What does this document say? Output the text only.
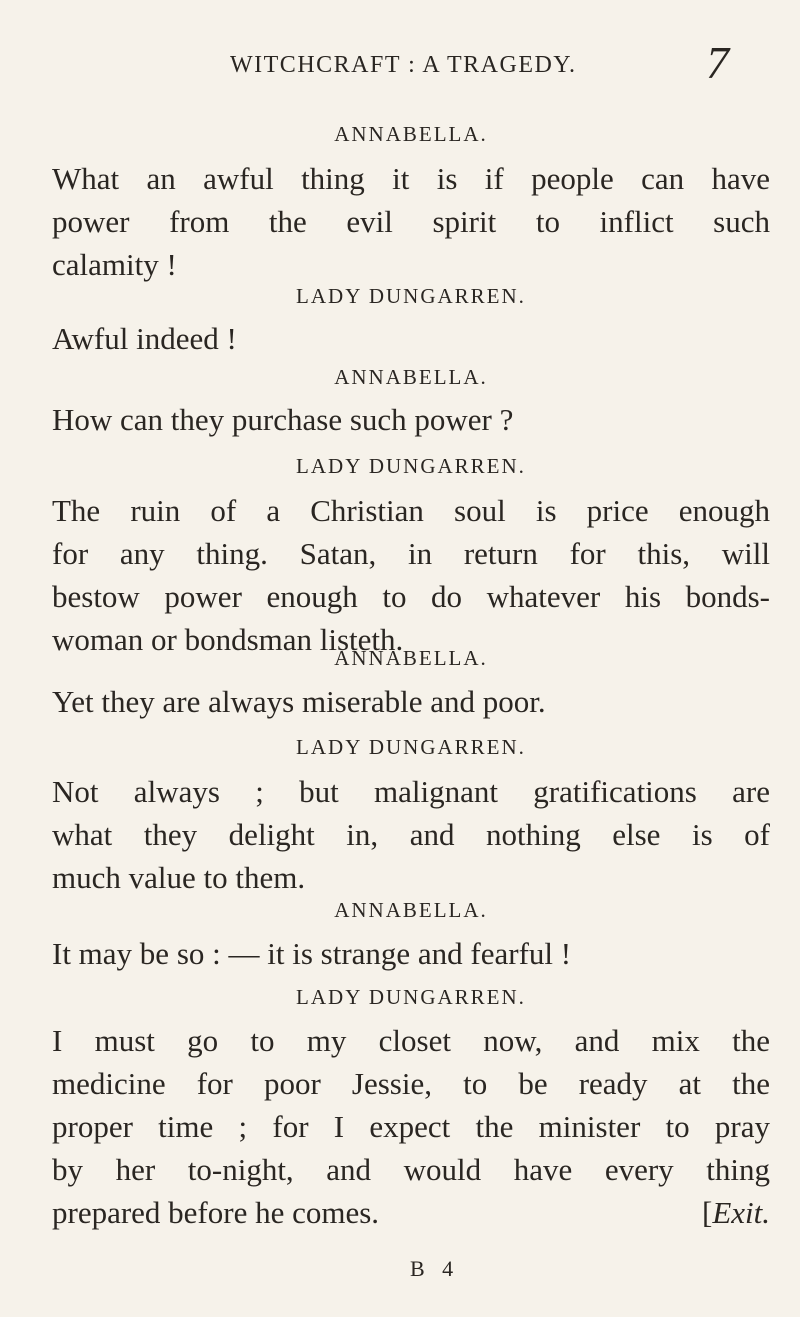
WITCHCRAFT : A TRAGEDY.	7
ANNABELLA.
What an awful thing it is if people can have
power from the evil spirit to inflict such
calamity !
LADY DUNGARREN.
Awful indeed !
ANNABELLA.
How can they purchase such power ?
LADY DUNGARREN.
The ruin of a Christian soul is price enough
for any thing. Satan, in return for this, will
bestow power enough to do whatever his bonds-
woman or bondsman listeth.
ANNABELLA.
Yet they are always miserable and poor.
LADY DUNGARREN.
Not always ; but malignant gratifications are
what they delight in, and nothing else is of
much value to them.
ANNABELLA.
It may be so : — it is strange and fearful !
LADY DUNGARREN.
I must go to my closet now, and mix the
medicine for poor Jessie, to be ready at the
proper time ; for I expect the minister to pray
by her to-night, and would have every thing
prepared before he comes.	[Exit.
B 4
